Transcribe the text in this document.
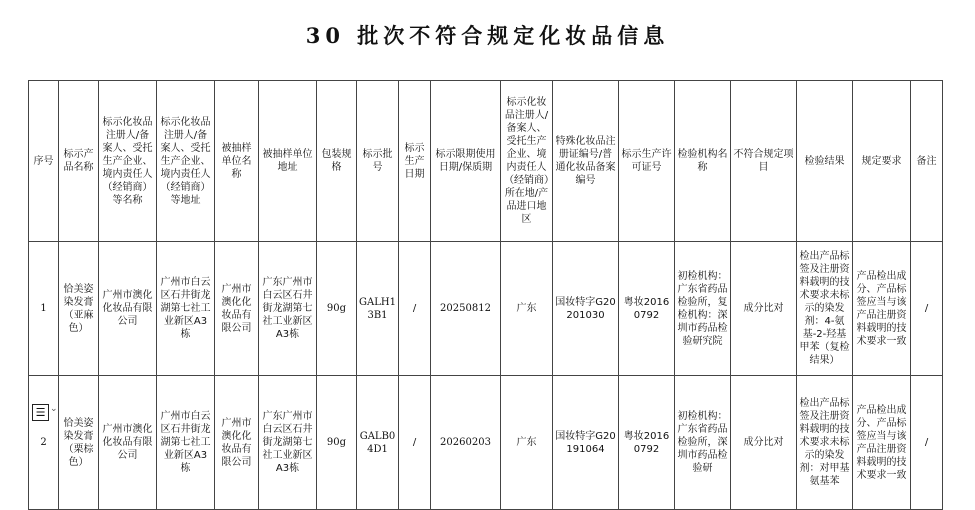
30 批次不符合规定化妆品信息
序号	标示产品名称	标示化妆品注册人/备案人、受托生产企业、境内责任人（经销商）等名称	标示化妆品注册人/备案人、受托生产企业、境内责任人（经销商）等地址	被抽样单位名称	被抽样单位地址	包装规格	标示批号	标示生产日期	标示限期使用日期/保质期	标示化妆品注册人/备案人、受托生产企业、境内责任人（经销商）所在地/产品进口地区	特殊化妆品注册证编号/普通化妆品备案编号	标示生产许可证号	检验机构名称	不符合规定项目	检验结果	规定要求	备注
1	恰美姿染发膏（亚麻色）	广州市澳化化妆品有限公司	广州市白云区石井街龙湖第七社工业新区A3栋	广州市澳化化妆品有限公司	广东广州市白云区石井街龙湖第七社工业新区A3栋	90g	GALH13B1	/	20250812	广东	国妆特字G20201030	粤妆20160792	初检机构：广东省药品检验所，复检机构：深圳市药品检验研究院	成分比对	检出产品标签及注册资料载明的技术要求未标示的染发剂：4-氨基-2-羟基甲苯（复检结果）	产品检出成分、产品标签应当与该产品注册资料载明的技术要求一致	/
2	恰美姿染发膏（栗棕色）	广州市澳化化妆品有限公司	广州市白云区石井街龙湖第七社工业新区A3栋	广州市澳化化妆品有限公司	广东广州市白云区石井街龙湖第七社工业新区A3栋	90g	GALB04D1	/	20260203	广东	国妆特字G20191064	粤妆20160792	初检机构：广东省药品检验所，深圳市药品检验研	成分比对	检出产品标签及注册资料载明的技术要求未标示的染发剂：对甲基氨基苯	产品检出成分、产品标签应当与该产品注册资料载明的技术要求一致	/
☰ ⌄
